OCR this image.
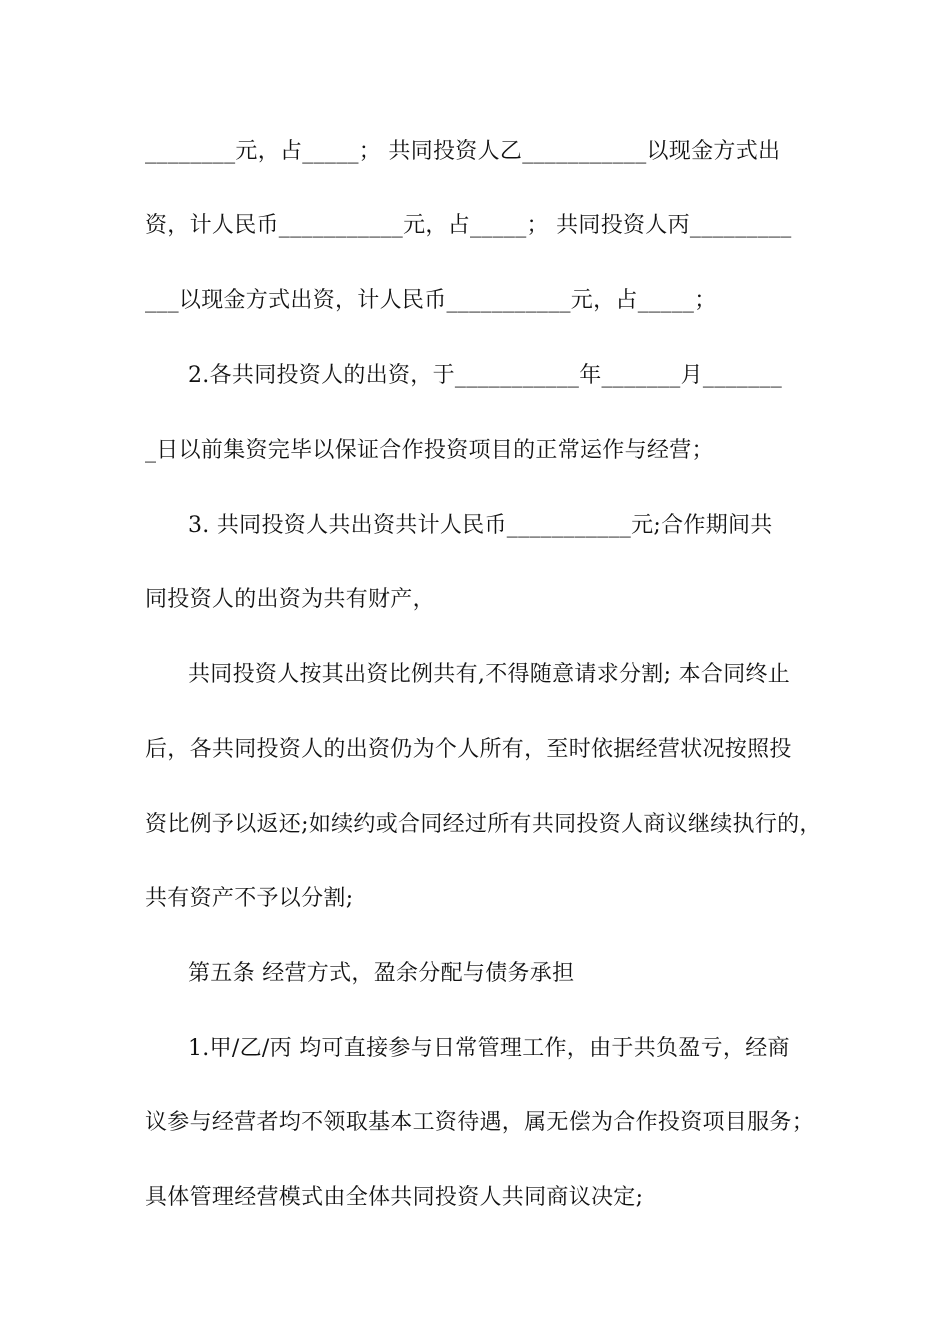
________元，占_____； 共同投资人乙___________以现金方式出
资，计人民币___________元，占_____； 共同投资人丙_________
___以现金方式出资，计人民币___________元，占_____；
2.各共同投资人的出资，于___________年_______月_______
_日以前集资完毕以保证合作投资项目的正常运作与经营；
3. 共同投资人共出资共计人民币___________元;合作期间共
同投资人的出资为共有财产，
共同投资人按其出资比例共有,不得随意请求分割; 本合同终止
后，各共同投资人的出资仍为个人所有，至时依据经营状况按照投
资比例予以返还;如续约或合同经过所有共同投资人商议继续执行的，
共有资产不予以分割;
第五条 经营方式，盈余分配与债务承担
1.甲/乙/丙 均可直接参与日常管理工作，由于共负盈亏，经商
议参与经营者均不领取基本工资待遇，属无偿为合作投资项目服务；
具体管理经营模式由全体共同投资人共同商议决定;
